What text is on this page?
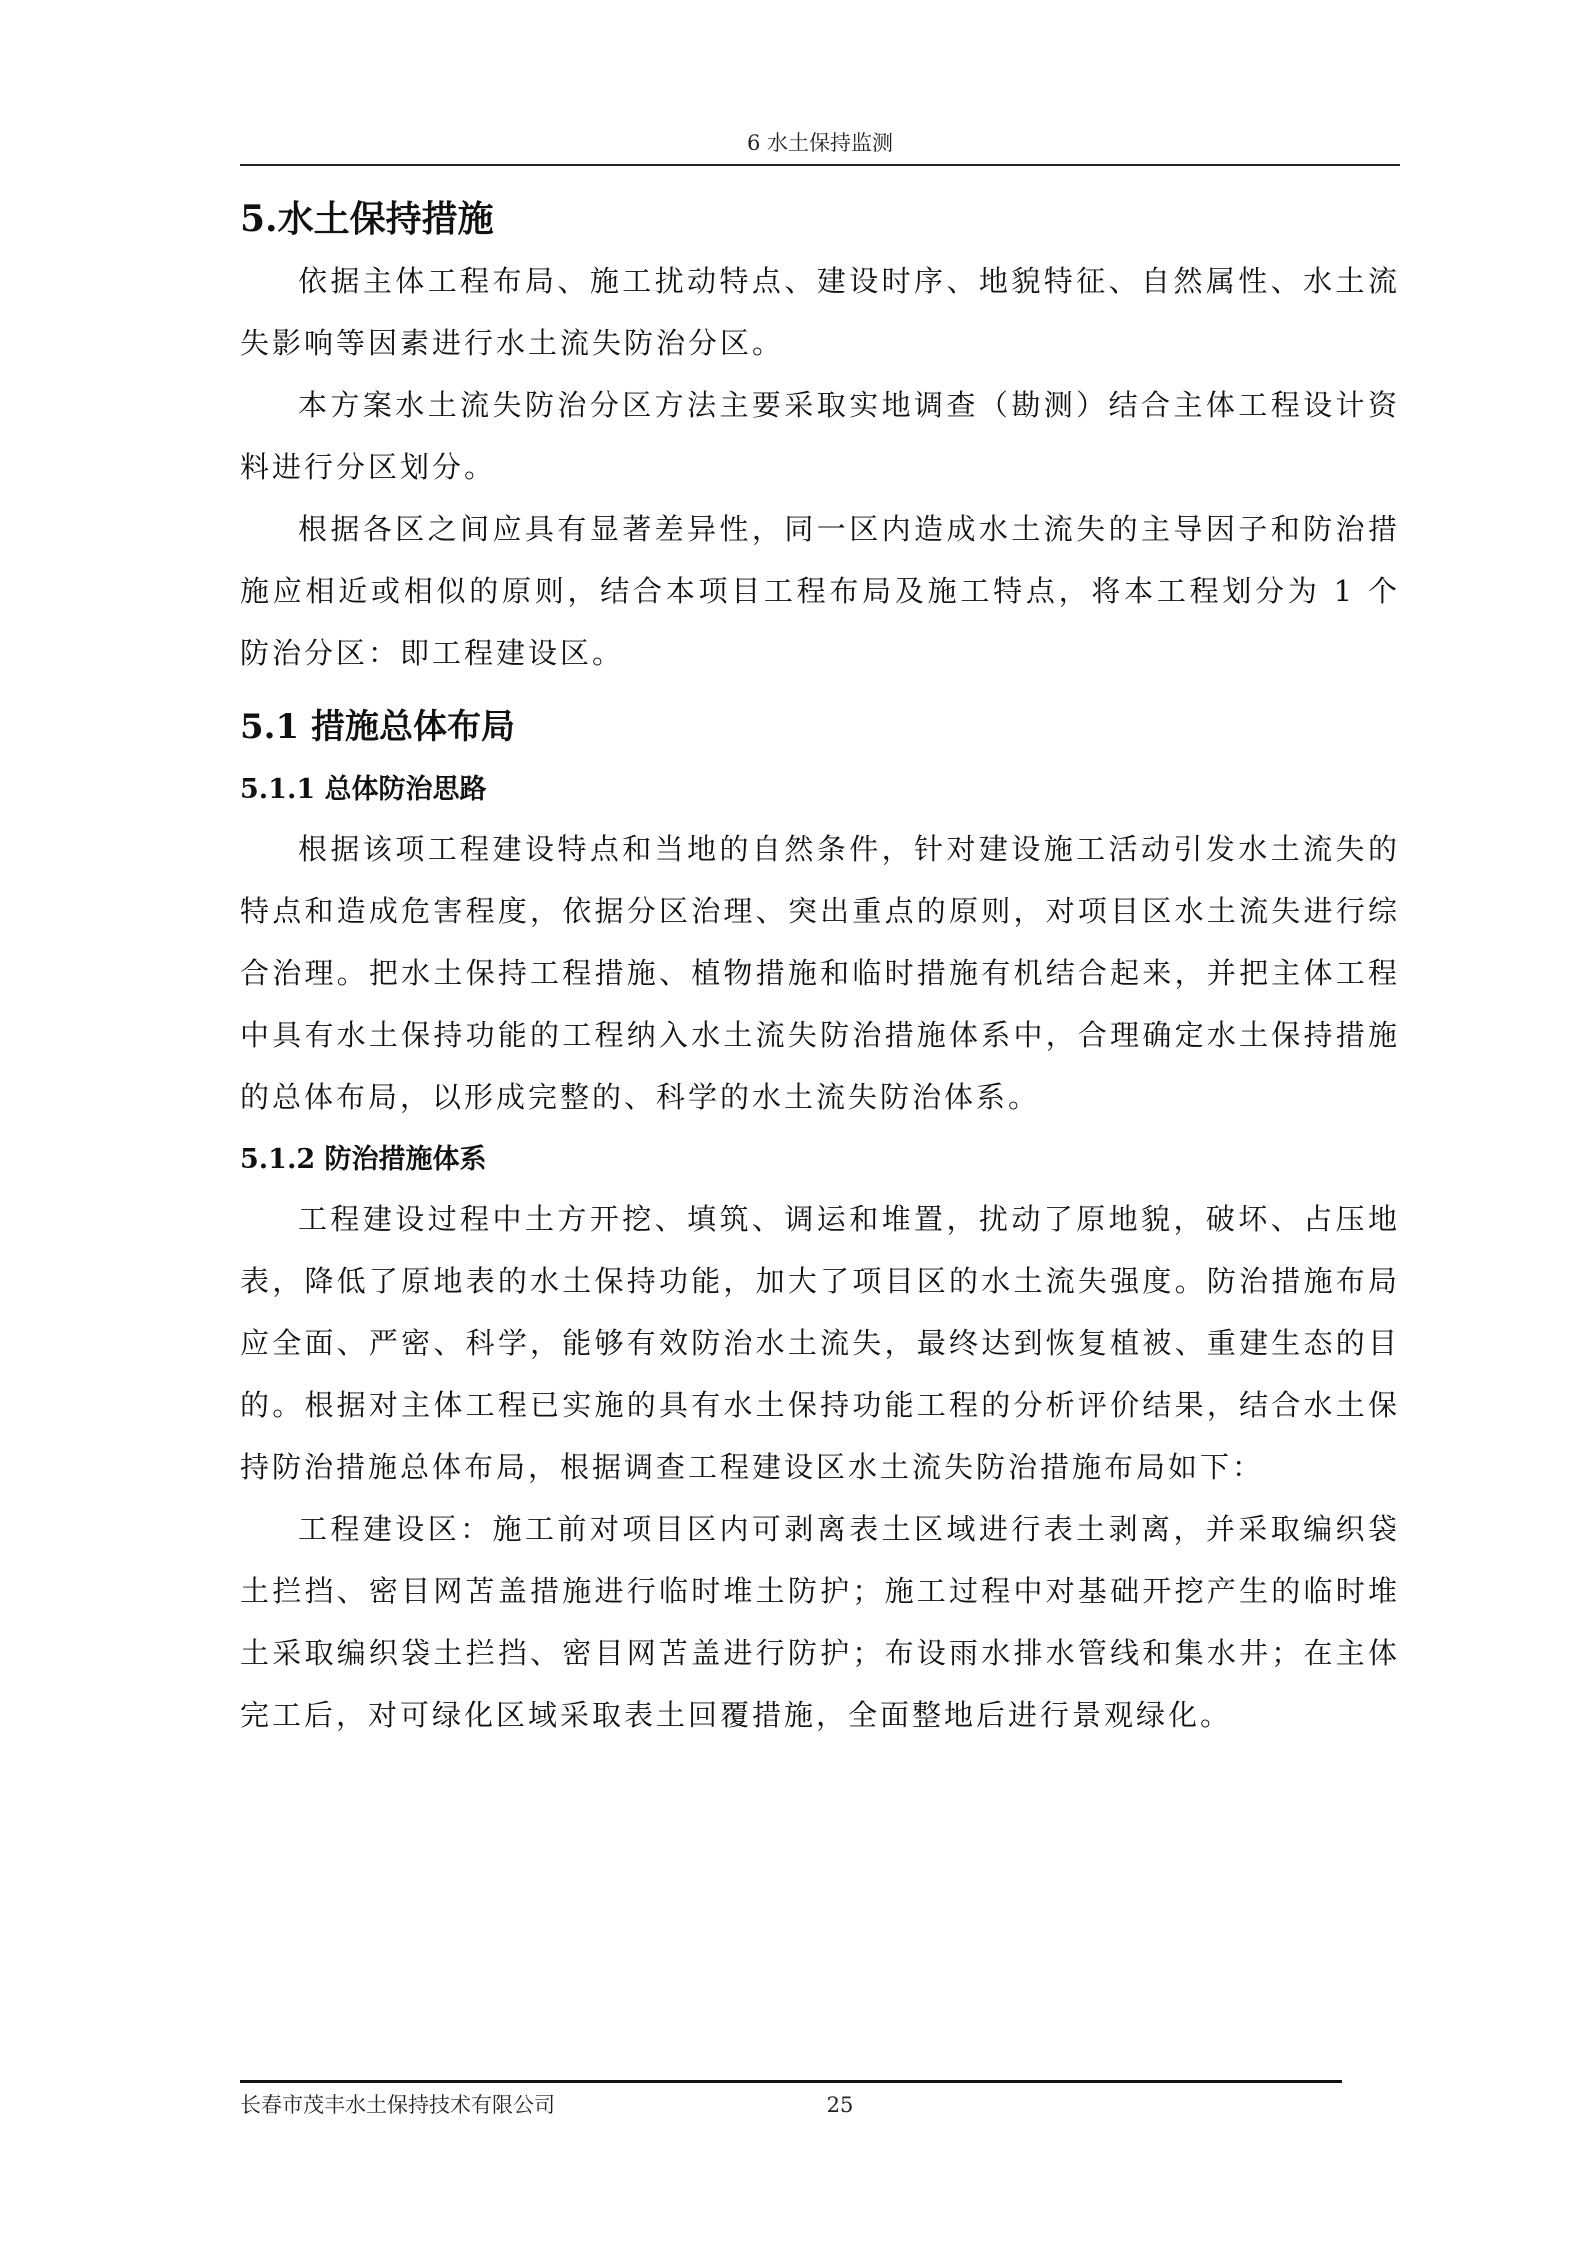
6 水土保持监测
5.水土保持措施

依据主体工程布局、施工扰动特点、建设时序、地貌特征、自然属性、水土流失影响等因素进行水土流失防治分区。

本方案水土流失防治分区方法主要采取实地调查（勘测）结合主体工程设计资料进行分区划分。

根据各区之间应具有显著差异性，同一区内造成水土流失的主导因子和防治措施应相近或相似的原则，结合本项目工程布局及施工特点，将本工程划分为 1 个防治分区：即工程建设区。

5.1 措施总体布局
5.1.1 总体防治思路

根据该项工程建设特点和当地的自然条件，针对建设施工活动引发水土流失的特点和造成危害程度，依据分区治理、突出重点的原则，对项目区水土流失进行综合治理。把水土保持工程措施、植物措施和临时措施有机结合起来，并把主体工程中具有水土保持功能的工程纳入水土流失防治措施体系中，合理确定水土保持措施的总体布局，以形成完整的、科学的水土流失防治体系。

5.1.2 防治措施体系

工程建设过程中土方开挖、填筑、调运和堆置，扰动了原地貌，破坏、占压地表，降低了原地表的水土保持功能，加大了项目区的水土流失强度。防治措施布局应全面、严密、科学，能够有效防治水土流失，最终达到恢复植被、重建生态的目的。根据对主体工程已实施的具有水土保持功能工程的分析评价结果，结合水土保持防治措施总体布局，根据调查工程建设区水土流失防治措施布局如下：

工程建设区：施工前对项目区内可剥离表土区域进行表土剥离，并采取编织袋土拦挡、密目网苫盖措施进行临时堆土防护；施工过程中对基础开挖产生的临时堆土采取编织袋土拦挡、密目网苫盖进行防护；布设雨水排水管线和集水井；在主体完工后，对可绿化区域采取表土回覆措施，全面整地后进行景观绿化。

长春市茂丰水土保持技术有限公司	25
